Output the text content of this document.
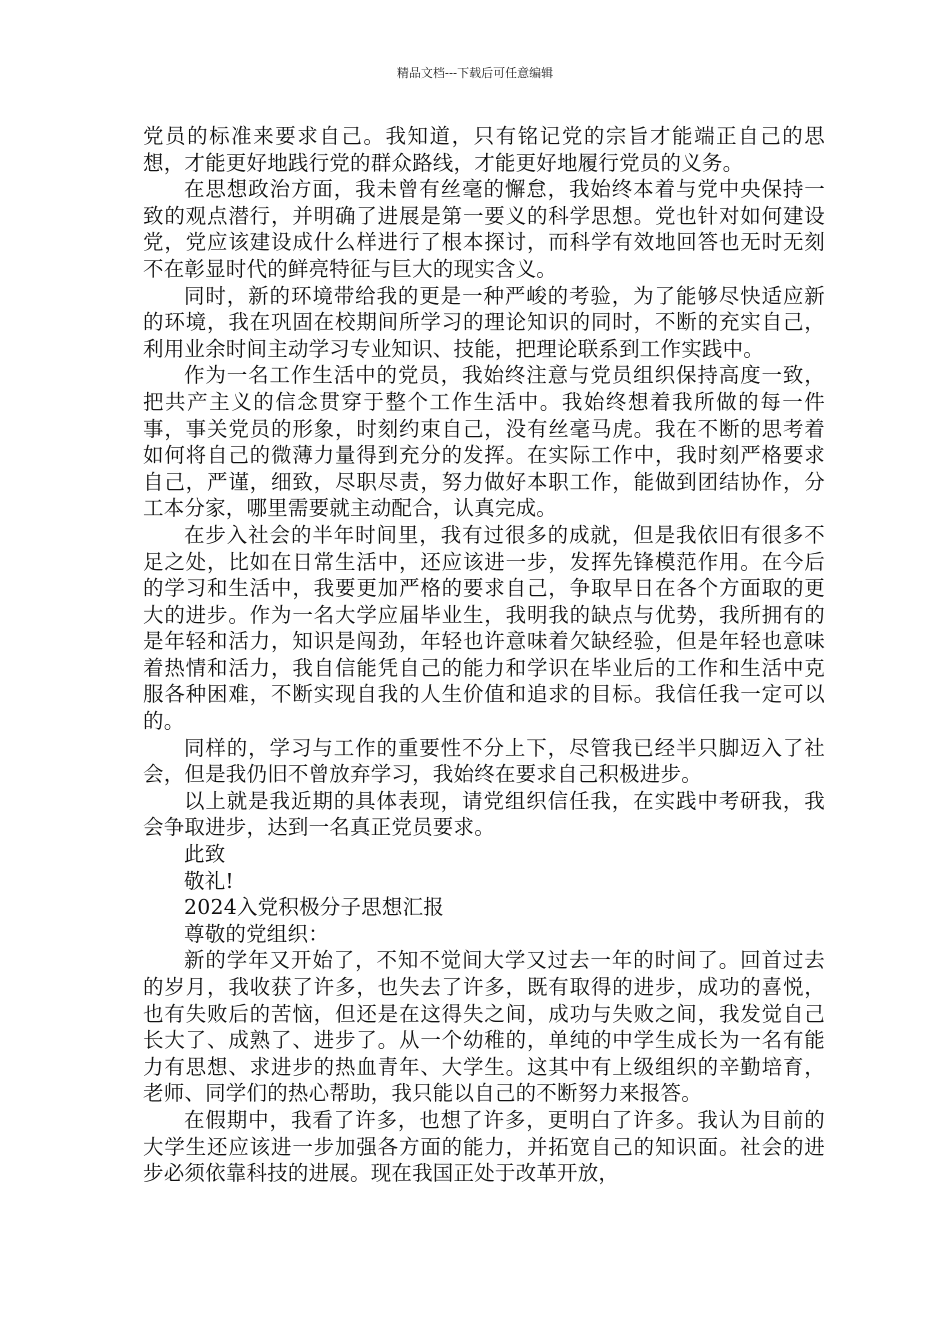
精品文档---下载后可任意编辑

党员的标准来要求自己。我知道，只有铭记党的宗旨才能端正自己的思想，才能更好地践行党的群众路线，才能更好地履行党员的义务。

在思想政治方面，我未曾有丝毫的懈怠，我始终本着与党中央保持一致的观点潜行，并明确了进展是第一要义的科学思想。党也针对如何建设党，党应该建设成什么样进行了根本探讨，而科学有效地回答也无时无刻不在彰显时代的鲜亮特征与巨大的现实含义。

同时，新的环境带给我的更是一种严峻的考验，为了能够尽快适应新的环境，我在巩固在校期间所学习的理论知识的同时，不断的充实自己，利用业余时间主动学习专业知识、技能，把理论联系到工作实践中。

作为一名工作生活中的党员，我始终注意与党员组织保持高度一致，把共产主义的信念贯穿于整个工作生活中。我始终想着我所做的每一件事，事关党员的形象，时刻约束自己，没有丝毫马虎。我在不断的思考着如何将自己的微薄力量得到充分的发挥。在实际工作中，我时刻严格要求自己，严谨，细致，尽职尽责，努力做好本职工作，能做到团结协作，分工本分家，哪里需要就主动配合，认真完成。

在步入社会的半年时间里，我有过很多的成就，但是我依旧有很多不足之处，比如在日常生活中，还应该进一步，发挥先锋模范作用。在今后的学习和生活中，我要更加严格的要求自己，争取早日在各个方面取的更大的进步。作为一名大学应届毕业生，我明我的缺点与优势，我所拥有的是年轻和活力，知识是闯劲，年轻也许意味着欠缺经验，但是年轻也意味着热情和活力，我自信能凭自己的能力和学识在毕业后的工作和生活中克服各种困难，不断实现自我的人生价值和追求的目标。我信任我一定可以的。

同样的，学习与工作的重要性不分上下，尽管我已经半只脚迈入了社会，但是我仍旧不曾放弃学习，我始终在要求自己积极进步。

以上就是我近期的具体表现，请党组织信任我，在实践中考研我，我会争取进步，达到一名真正党员要求。

此致

敬礼!

2024入党积极分子思想汇报

尊敬的党组织：

新的学年又开始了，不知不觉间大学又过去一年的时间了。回首过去的岁月，我收获了许多，也失去了许多，既有取得的进步，成功的喜悦，也有失败后的苦恼，但还是在这得失之间，成功与失败之间，我发觉自己长大了、成熟了、进步了。从一个幼稚的，单纯的中学生成长为一名有能力有思想、求进步的热血青年、大学生。这其中有上级组织的辛勤培育，老师、同学们的热心帮助，我只能以自己的不断努力来报答。

在假期中，我看了许多，也想了许多，更明白了许多。我认为目前的大学生还应该进一步加强各方面的能力，并拓宽自己的知识面。社会的进步必须依靠科技的进展。现在我国正处于改革开放，
